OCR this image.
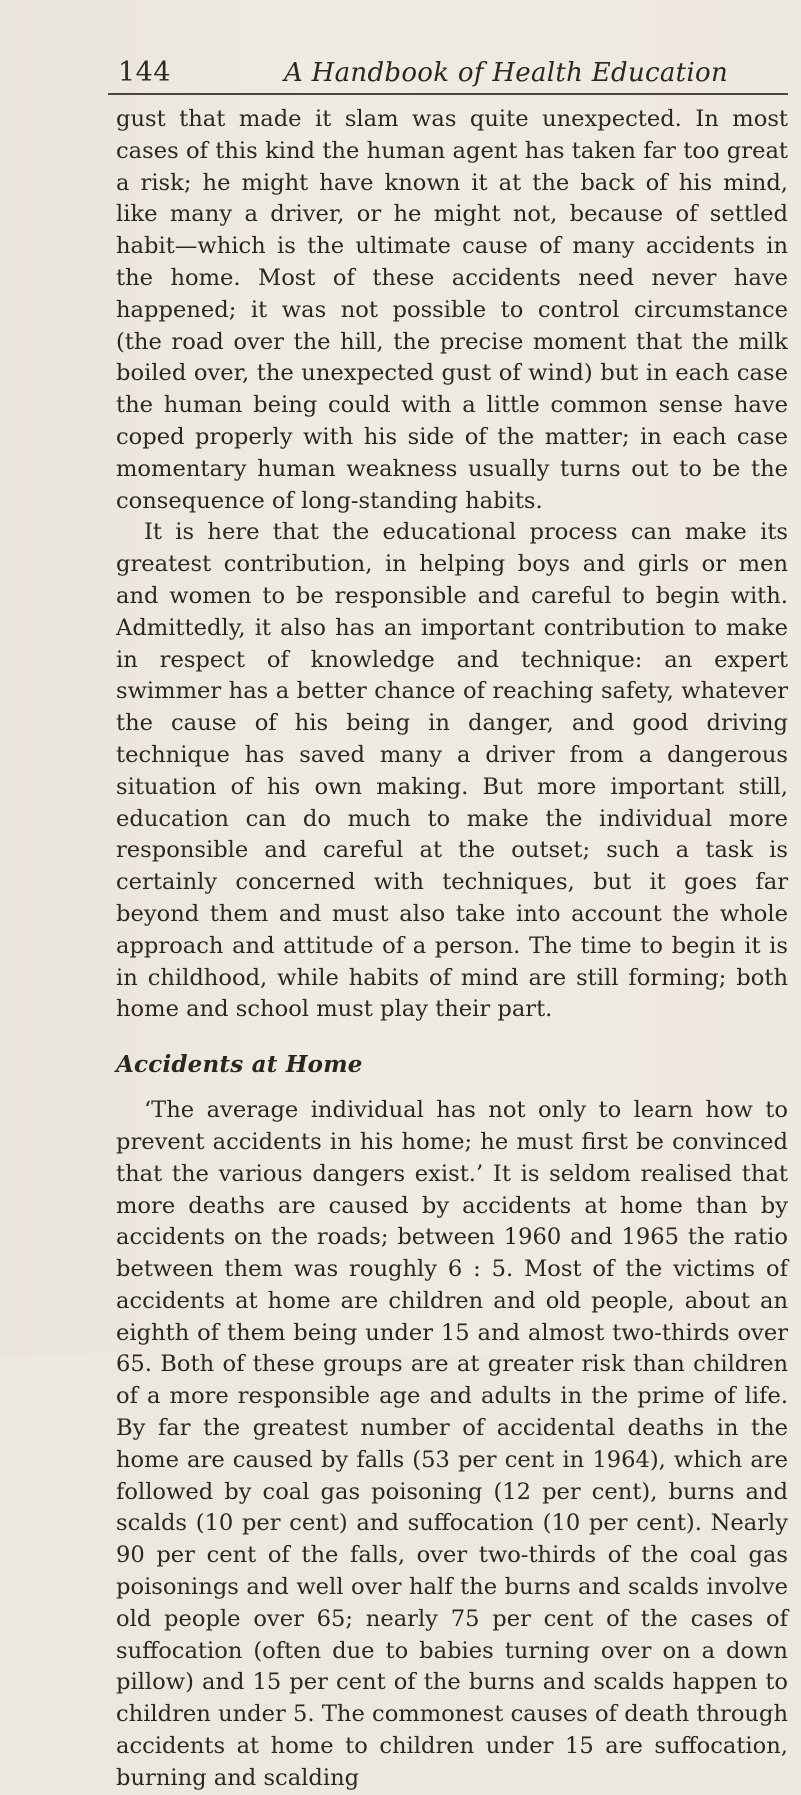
144	A Handbook of Health Education

gust that made it slam was quite unexpected. In most cases of this kind the human agent has taken far too great a risk; he might have known it at the back of his mind, like many a driver, or he might not, because of settled habit—which is the ultimate cause of many accidents in the home. Most of these accidents need never have happened; it was not possible to control circumstance (the road over the hill, the precise moment that the milk boiled over, the unexpected gust of wind) but in each case the human being could with a little common sense have coped properly with his side of the matter; in each case momentary human weakness usually turns out to be the consequence of long-standing habits.

It is here that the educational process can make its greatest contribution, in helping boys and girls or men and women to be responsible and careful to begin with. Admittedly, it also has an important contribution to make in respect of knowledge and technique: an expert swimmer has a better chance of reaching safety, whatever the cause of his being in danger, and good driving technique has saved many a driver from a dangerous situation of his own making. But more important still, education can do much to make the individual more responsible and careful at the outset; such a task is certainly concerned with techniques, but it goes far beyond them and must also take into account the whole approach and attitude of a person. The time to begin it is in childhood, while habits of mind are still forming; both home and school must play their part.

Accidents at Home

‘The average individual has not only to learn how to prevent accidents in his home; he must first be convinced that the various dangers exist.’ It is seldom realised that more deaths are caused by accidents at home than by accidents on the roads; between 1960 and 1965 the ratio between them was roughly 6 : 5. Most of the victims of accidents at home are children and old people, about an eighth of them being under 15 and almost two-thirds over 65. Both of these groups are at greater risk than children of a more responsible age and adults in the prime of life. By far the greatest number of accidental deaths in the home are caused by falls (53 per cent in 1964), which are followed by coal gas poisoning (12 per cent), burns and scalds (10 per cent) and suffocation (10 per cent). Nearly 90 per cent of the falls, over two-thirds of the coal gas poisonings and well over half the burns and scalds involve old people over 65; nearly 75 per cent of the cases of suffocation (often due to babies turning over on a down pillow) and 15 per cent of the burns and scalds happen to children under 5. The commonest causes of death through accidents at home to children under 15 are suffocation, burning and scalding
